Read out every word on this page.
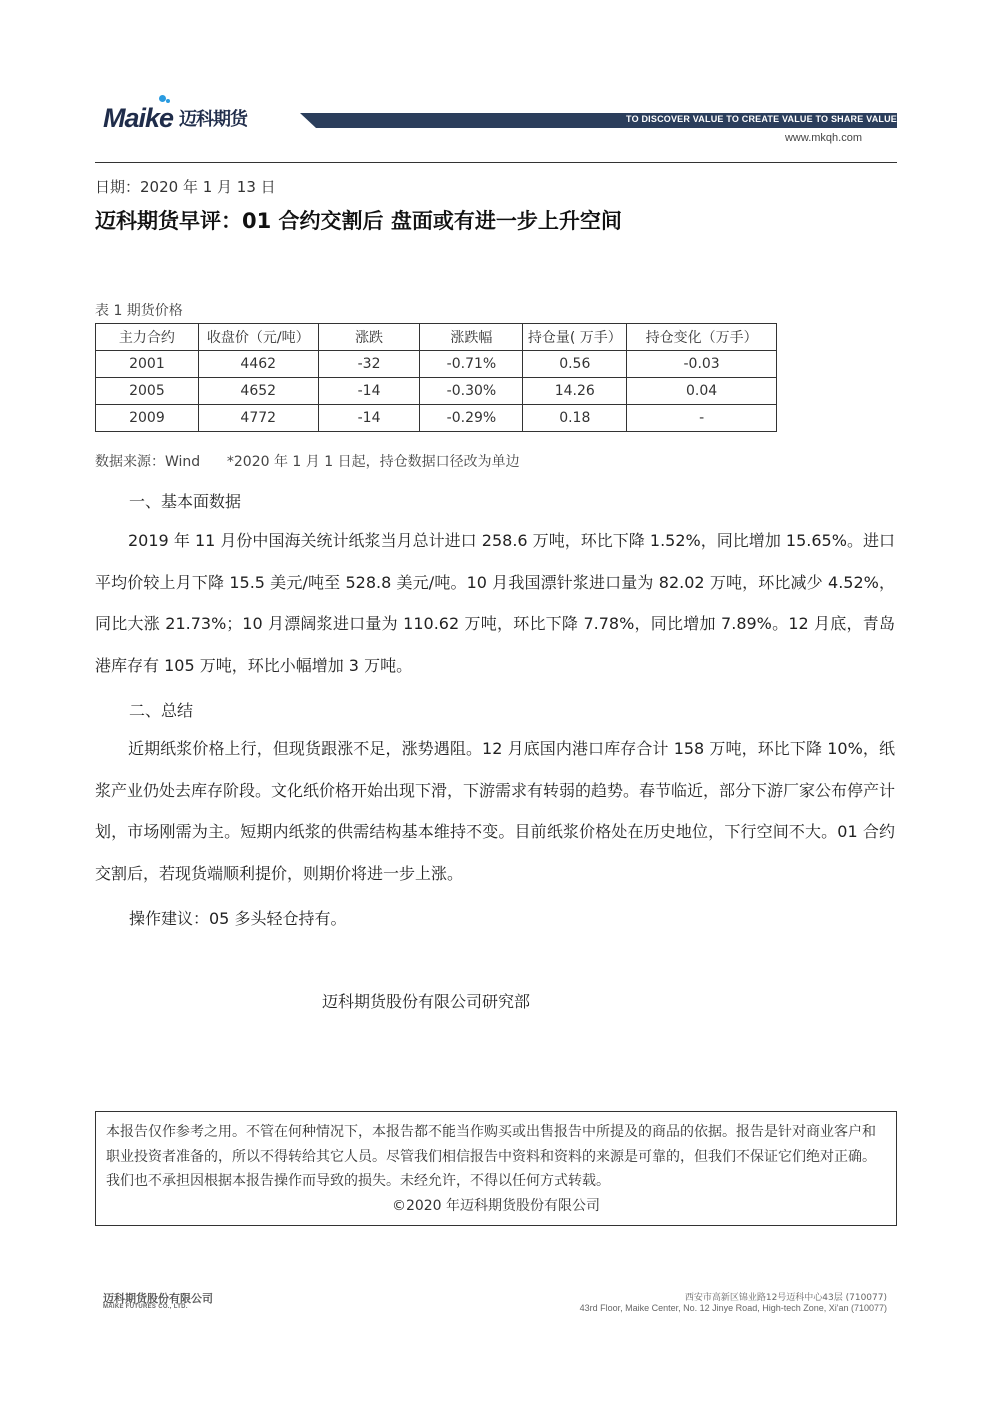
Maike 迈科期货	TO DISCOVER VALUE TO CREATE VALUE TO SHARE VALUE
www.mkqh.com
日期：2020 年 1 月 13 日
迈科期货早评：01 合约交割后 盘面或有进一步上升空间
表 1 期货价格
主力合约	收盘价（元/吨）	涨跌	涨跌幅	持仓量( 万手）	持仓变化（万手）
2001	4462	-32	-0.71%	0.56	-0.03
2005	4652	-14	-0.30%	14.26	0.04
2009	4772	-14	-0.29%	0.18	-
数据来源：Wind      *2020 年 1 月 1 日起，持仓数据口径改为单边
一、基本面数据
2019 年 11 月份中国海关统计纸浆当月总计进口 258.6 万吨，环比下降 1.52%，同比增加 15.65%。进口平均价较上月下降 15.5 美元/吨至 528.8 美元/吨。10 月我国漂针浆进口量为 82.02 万吨，环比减少 4.52%，同比大涨 21.73%；10 月漂阔浆进口量为 110.62 万吨，环比下降 7.78%，同比增加 7.89%。12 月底，青岛港库存有 105 万吨，环比小幅增加 3 万吨。
二、总结
近期纸浆价格上行，但现货跟涨不足，涨势遇阻。12 月底国内港口库存合计 158 万吨，环比下降 10%，纸浆产业仍处去库存阶段。文化纸价格开始出现下滑，下游需求有转弱的趋势。春节临近，部分下游厂家公布停产计划，市场刚需为主。短期内纸浆的供需结构基本维持不变。目前纸浆价格处在历史地位，下行空间不大。01 合约交割后，若现货端顺利提价，则期价将进一步上涨。
操作建议：05 多头轻仓持有。
迈科期货股份有限公司研究部
本报告仅作参考之用。不管在何种情况下，本报告都不能当作购买或出售报告中所提及的商品的依据。报告是针对商业客户和职业投资者准备的，所以不得转给其它人员。尽管我们相信报告中资料和资料的来源是可靠的，但我们不保证它们绝对正确。我们也不承担因根据本报告操作而导致的损失。未经允许，不得以任何方式转载。
©2020 年迈科期货股份有限公司
迈科期货股份有限公司
MAIKE FUTURES CO., LTD.
西安市高新区锦业路12号迈科中心43层 (710077)
43rd Floor, Maike Center, No. 12 Jinye Road, High-tech Zone, Xi'an (710077)
